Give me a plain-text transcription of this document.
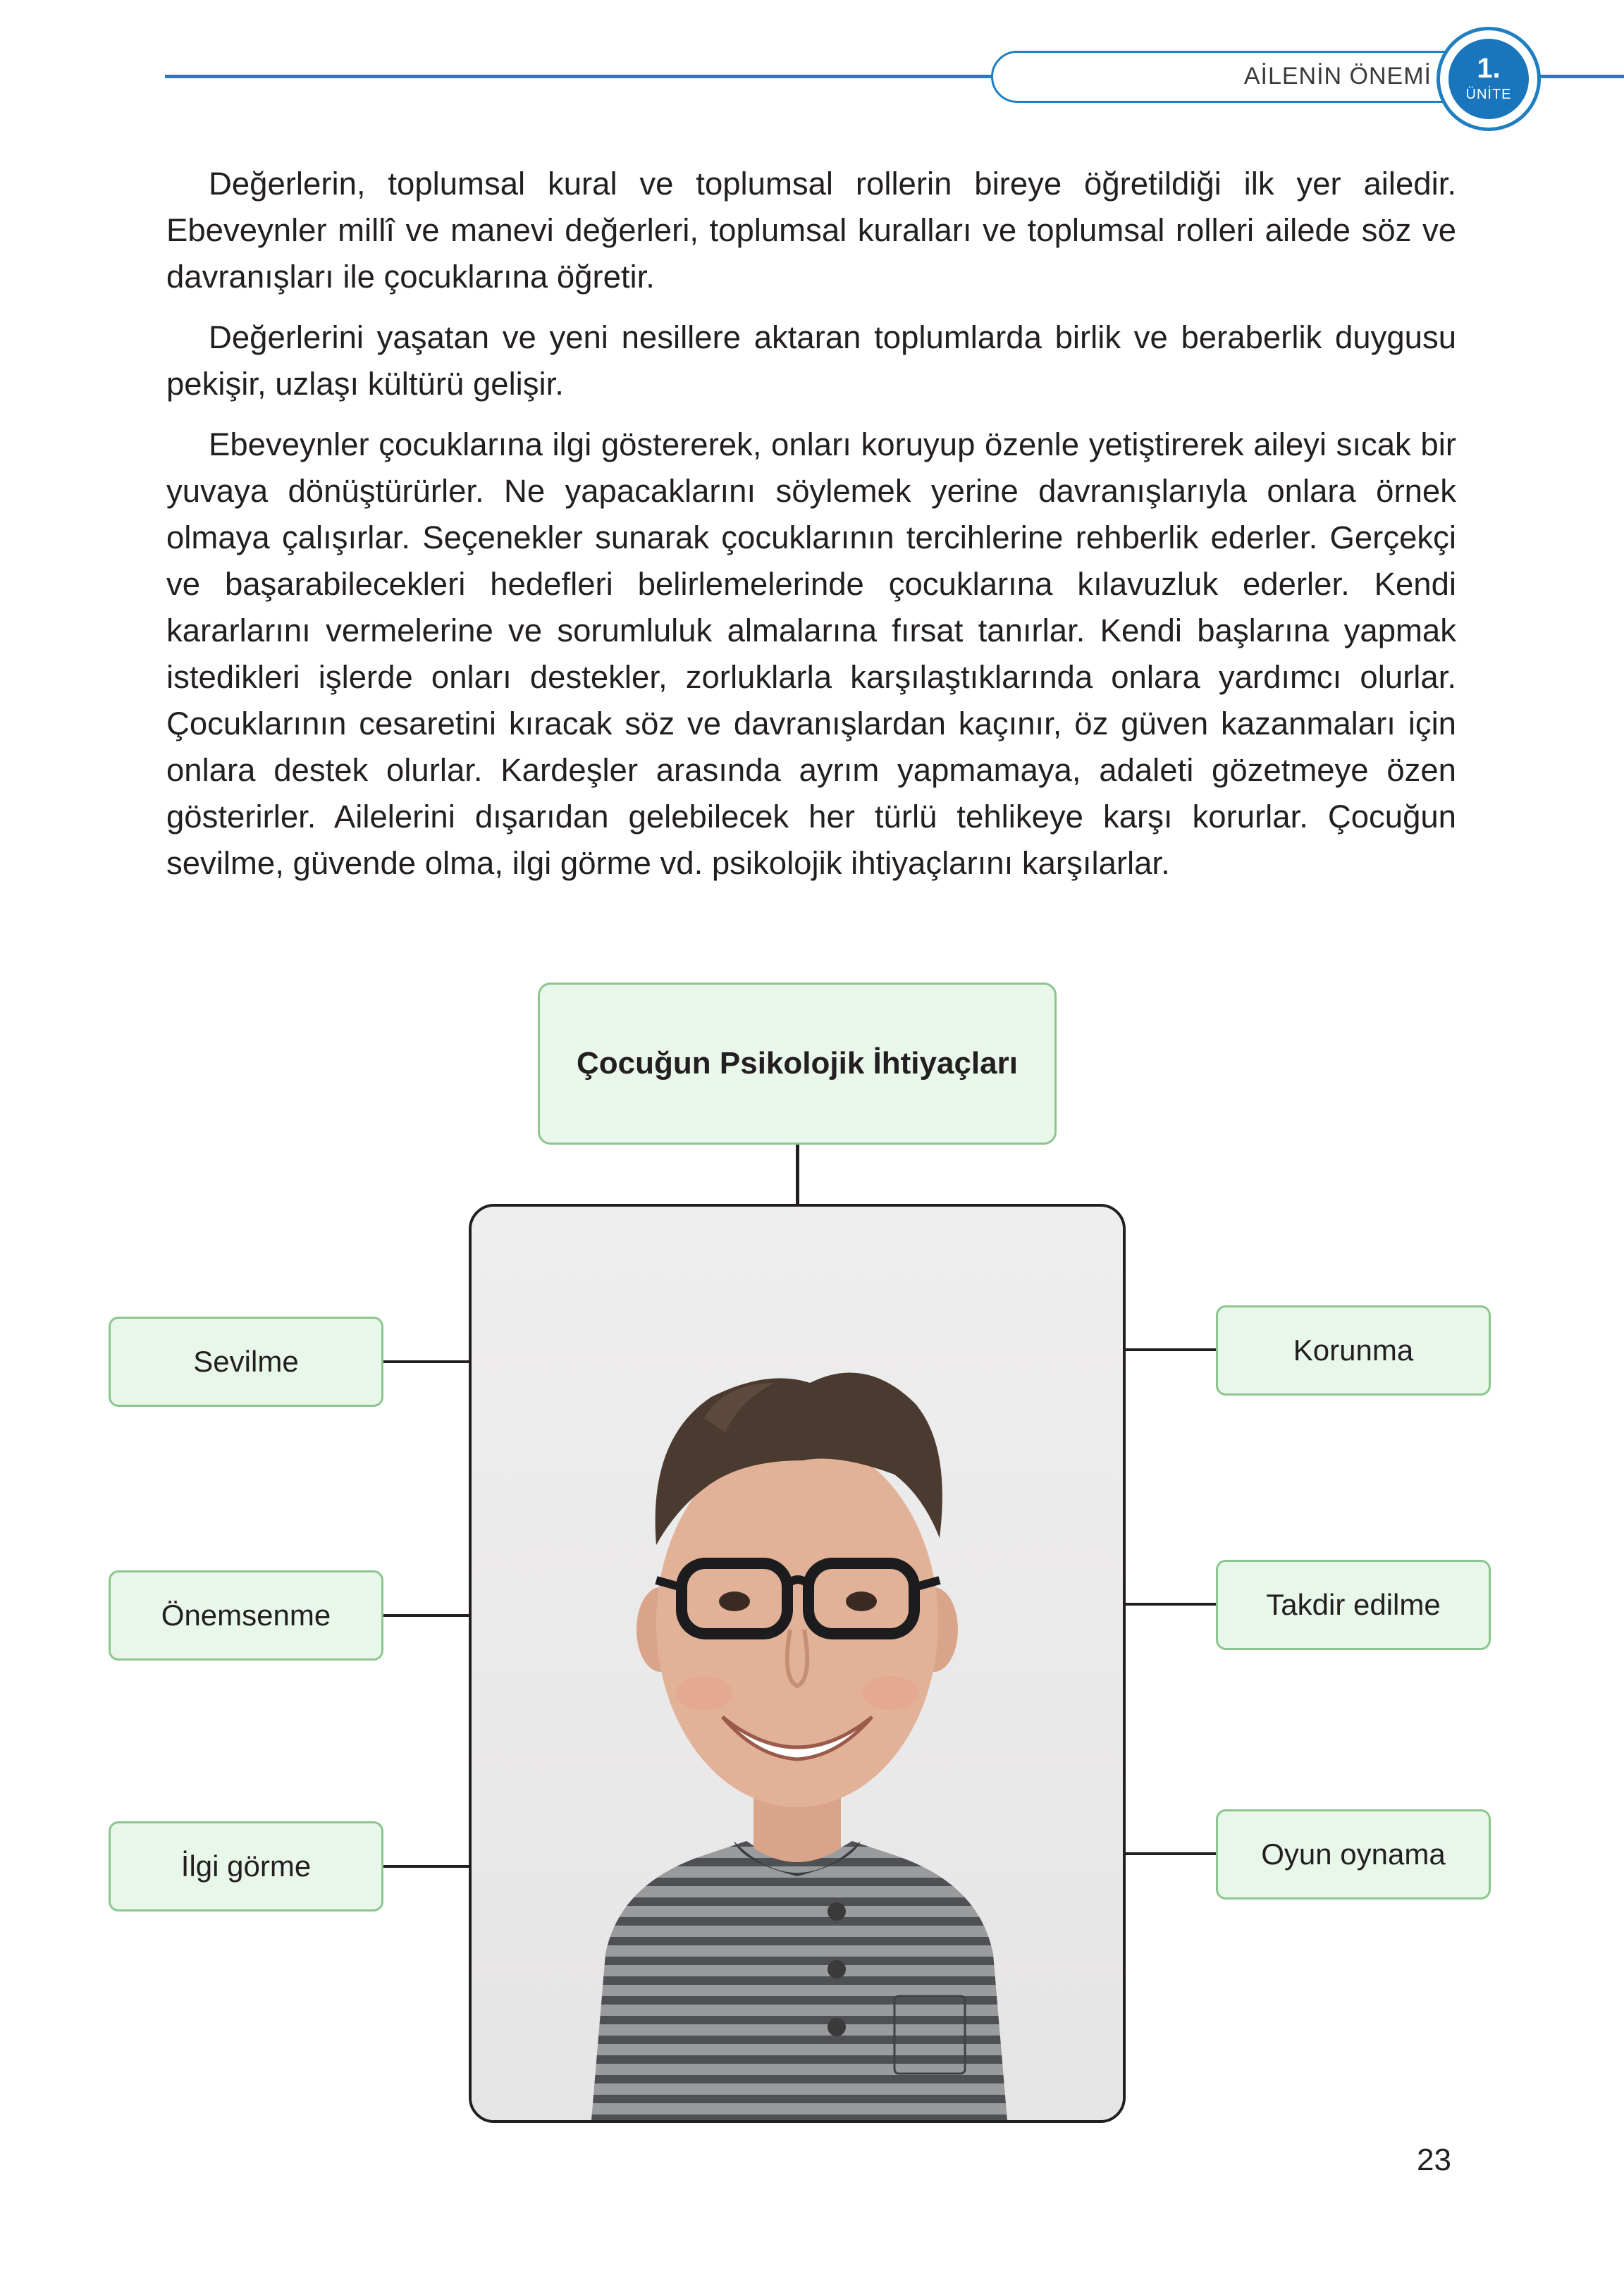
AİLENİN ÖNEMİ	1.
ÜNİTE

Değerlerin, toplumsal kural ve toplumsal rollerin bireye öğretildiği ilk yer ailedir. Ebeveynler millî ve manevi değerleri, toplumsal kuralları ve toplumsal rolleri ailede söz ve davranışları ile çocuklarına öğretir.

Değerlerini yaşatan ve yeni nesillere aktaran toplumlarda birlik ve beraberlik duygusu pekişir, uzlaşı kültürü gelişir.

Ebeveynler çocuklarına ilgi göstererek, onları koruyup özenle yetiştirerek aileyi sıcak bir yuvaya dönüştürürler. Ne yapacaklarını söylemek yerine davranışlarıyla onlara örnek olmaya çalışırlar. Seçenekler sunarak çocuklarının tercihlerine rehberlik ederler. Gerçekçi ve başarabilecekleri hedefleri belirlemelerinde çocuklarına kılavuzluk ederler. Kendi kararlarını vermelerine ve sorumluluk almalarına fırsat tanırlar. Kendi başlarına yapmak istedikleri işlerde onları destekler, zorluklarla karşılaştıklarında onlara yardımcı olurlar. Çocuklarının cesaretini kıracak söz ve davranışlardan kaçınır, öz güven kazanmaları için onlara destek olurlar. Kardeşler arasında ayrım yapmamaya, adaleti gözetmeye özen gösterirler. Ailelerini dışarıdan gelebilecek her türlü tehlikeye karşı korurlar. Çocuğun sevilme, güvende olma, ilgi görme vd. psikolojik ihtiyaçlarını karşılarlar.

Çocuğun Psikolojik İhtiyaçları
Sevilme
Önemsenme
İlgi görme
Korunma
Takdir edilme
Oyun oynama
23
